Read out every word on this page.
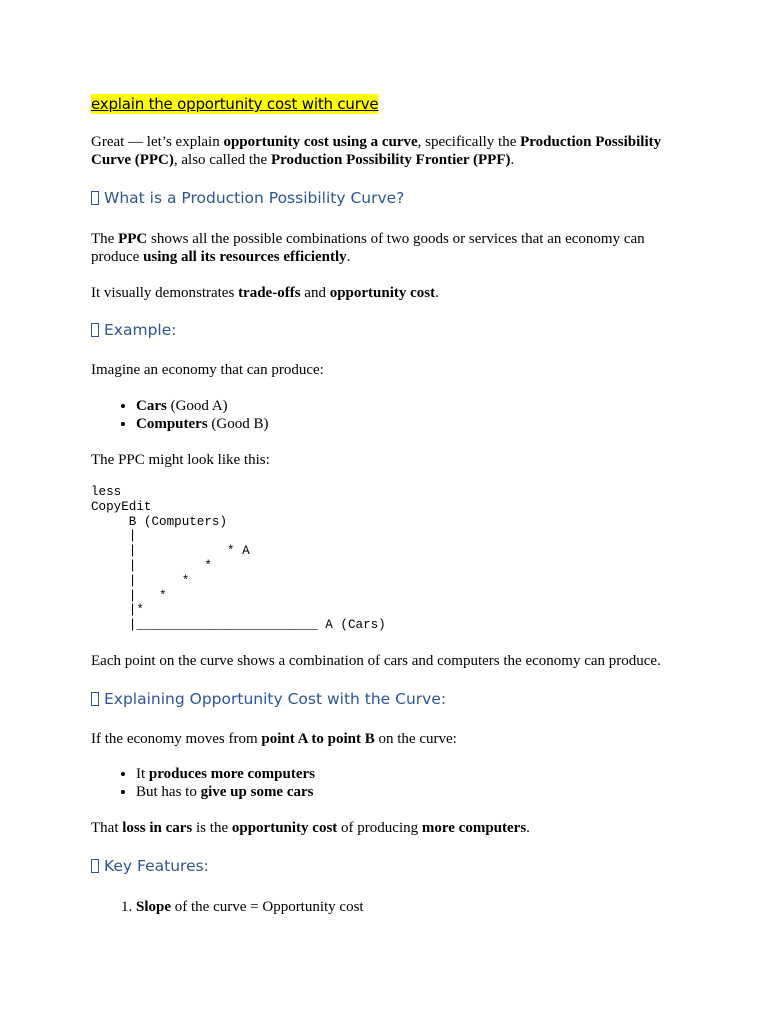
explain the opportunity cost with curve

Great — let’s explain opportunity cost using a curve, specifically the Production Possibility Curve (PPC), also called the Production Possibility Frontier (PPF).

What is a Production Possibility Curve?

The PPC shows all the possible combinations of two goods or services that an economy can produce using all its resources efficiently.

It visually demonstrates trade-offs and opportunity cost.

Example:

Imagine an economy that can produce:

• Cars (Good A)
• Computers (Good B)

The PPC might look like this:

less
CopyEdit
B (Computers)
|
|            * A
|         *
|      *
|   *
|*
|________________________ A (Cars)

Each point on the curve shows a combination of cars and computers the economy can produce.

Explaining Opportunity Cost with the Curve:

If the economy moves from point A to point B on the curve:

• It produces more computers
• But has to give up some cars

That loss in cars is the opportunity cost of producing more computers.

Key Features:
1. Slope of the curve = Opportunity cost
